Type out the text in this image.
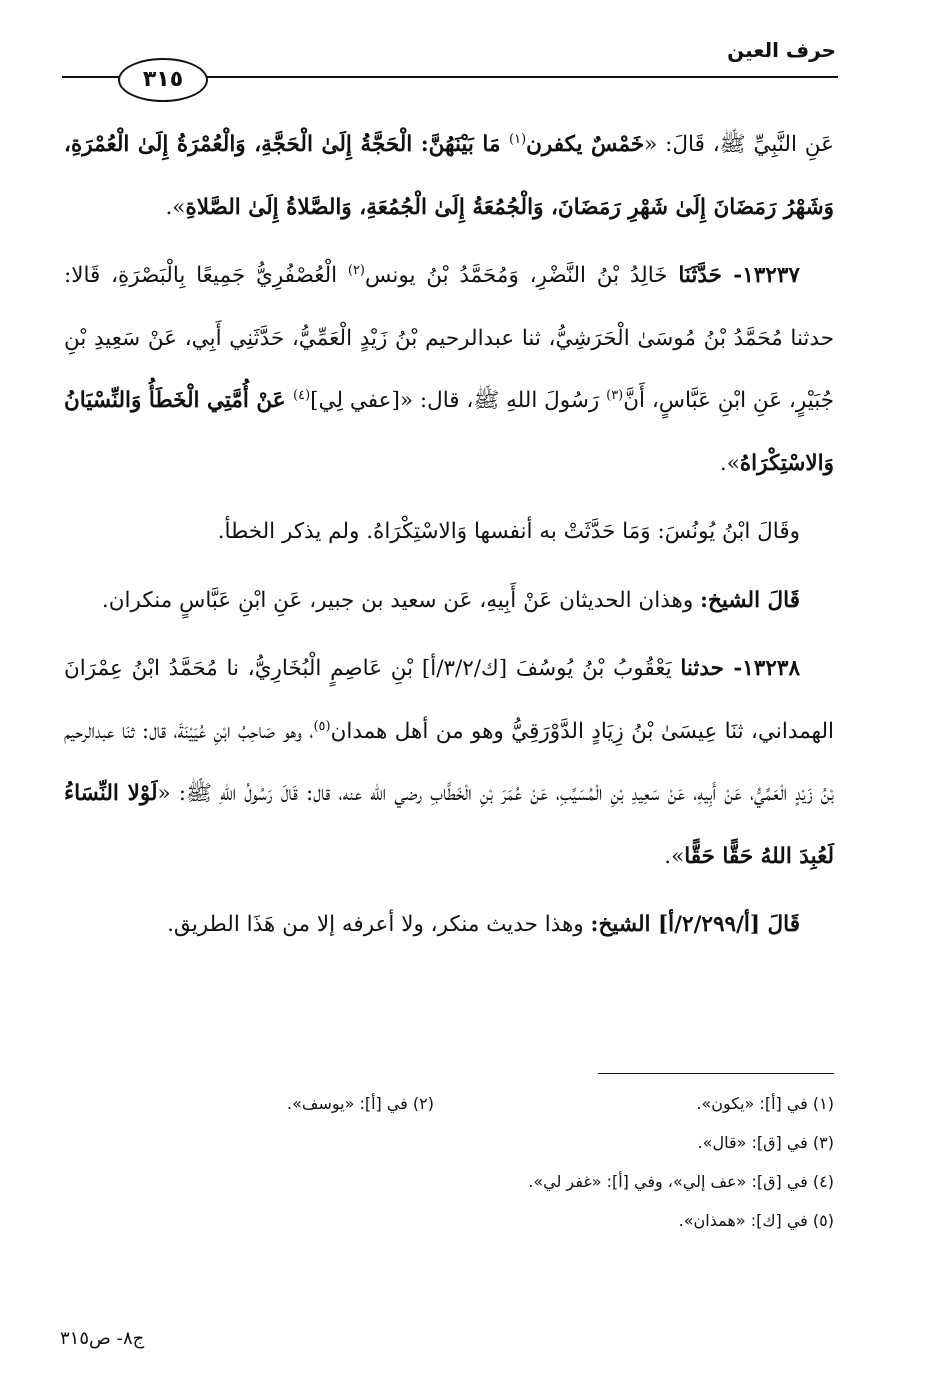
حرف العين
٣١٥

عَنِ النَّبِيِّ ﷺ، قَالَ: «خَمْسٌ يكفرن$^{(١)}$ مَا بَيْنَهُنَّ: الْحَجَّةُ إِلَىٰ الْحَجَّةِ، وَالْعُمْرَةُ إِلَىٰ الْعُمْرَةِ، وَشَهْرُ رَمَضَانَ إِلَىٰ شَهْرِ رَمَضَانَ، وَالْجُمُعَةُ إِلَىٰ الْجُمُعَةِ، وَالصَّلاةُ إِلَىٰ الصَّلاةِ».

١٣٢٣٧- حَدَّثَنَا خَالِدُ بْنُ النَّضْرِ، وَمُحَمَّدُ بْنُ يونس$^{(٢)}$ الْعُصْفُرِيُّ جَمِيعًا بِالْبَصْرَةِ، قَالا: حدثنا مُحَمَّدُ بْنُ مُوسَىٰ الْحَرَشِيُّ، ثنا عبدالرحيم بْنُ زَيْدٍ الْعَمِّيُّ، حَدَّثَنِي أَبِي، عَنْ سَعِيدِ بْنِ جُبَيْرٍ، عَنِ ابْنِ عَبَّاسٍ، أَنَّ$^{(٣)}$ رَسُولَ اللهِ ﷺ، قال: «[عفي لِي]$^{(٤)}$ عَنْ أُمَّتِي الْخَطَأُ وَالنِّسْيَانُ وَالاسْتِكْرَاهُ».

وقَالَ ابْنُ يُونُسَ: وَمَا حَدَّثَتْ به أنفسها وَالاسْتِكْرَاهُ. ولم يذكر الخطأ.

قَالَ الشيخ: وهذان الحديثان عَنْ أَبِيهِ، عَن سعيد بن جبير، عَنِ ابْنِ عَبَّاسٍ منكران.

١٣٢٣٨- حدثنا يَعْقُوبُ بْنُ يُوسُفَ [ك/٣/٢/أ] بْنِ عَاصِمٍ الْبُخَارِيُّ، نا مُحَمَّدُ ابْنُ عِمْرَانَ الهمداني، ثنَا عِيسَىٰ بْنُ زِيَادٍ الدَّوْرَقِيُّ وهو من أهل همدان$^{(٥)}$، وهو صَاحِبُ ابْنِ عُيَيْنَةَ، قال: ثنَا عبدالرحيم بْنُ زَيْدٍ الْعَمِّيُّ، عَنْ أَبِيهِ، عَنْ سَعِيدِ بْنِ الْمُسَيِّبِ، عَنْ عُمَرَ بْنِ الْخَطَّابِ رضي الله عنه، قال: قَالَ رَسُولُ اللهِ ﷺ: «لَوْلا النِّسَاءُ لَعُبِدَ اللهُ حَقًّا حَقًّا».

قَالَ [أ/٢/٢٩٩/أ] الشيخ: وهذا حديث منكر، ولا أعرفه إلا من هَذَا الطريق.

(١) في [أ]: «يكون».(٢) في [أ]: «يوسف».
(٣) في [ق]: «قال».
(٤) في [ق]: «عف إلي»، وفي [أ]: «غفر لي».
(٥) في [ك]: «همذان».
ج٨- ص٣١٥
